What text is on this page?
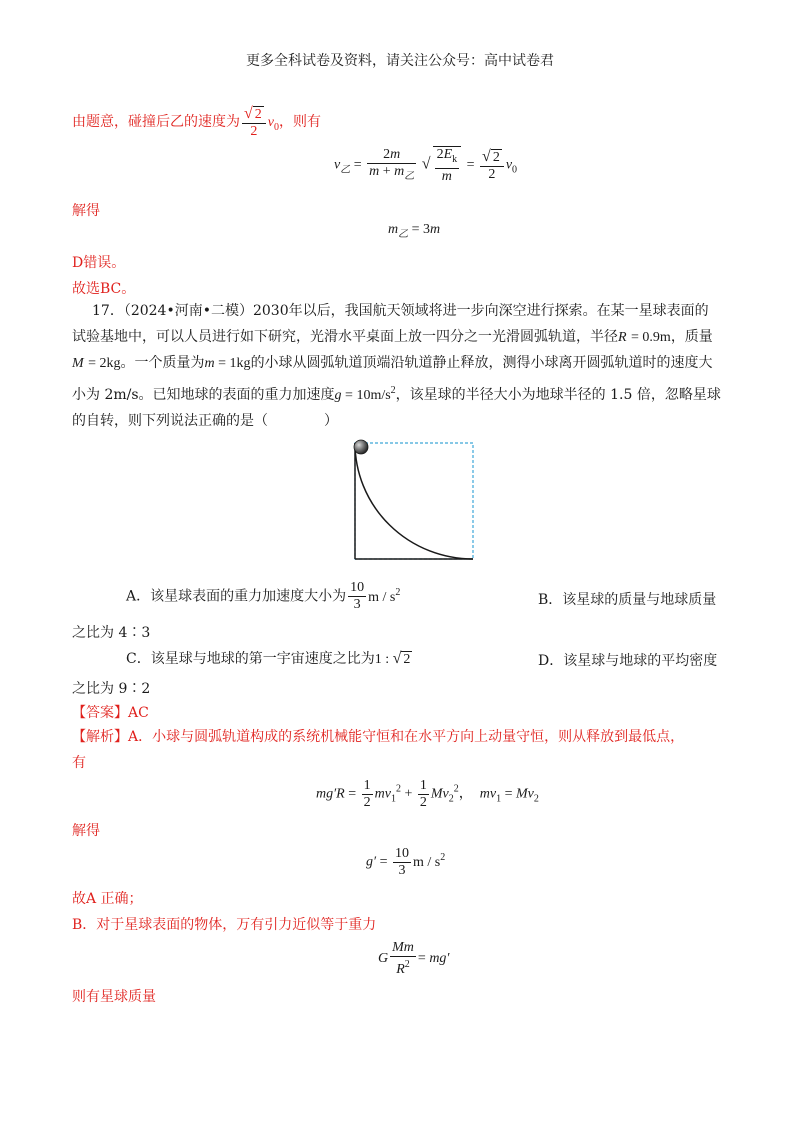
更多全科试卷及资料，请关注公众号：高中试卷君
由题意，碰撞后乙的速度为 $\frac{√ 2}{2} v_0$，则有
$v_乙 = \frac{2m}{m + m_乙}$ √ $\frac{2E_k}{m} = \frac{√ 2}{2} v_0$
解得
$m_乙 = 3m$
D错误。
故选BC。
17．（2024•河南•二模）2030年以后，我国航天领域将进一步向深空进行探索。在某一星球表面的
试验基地中，可以人员进行如下研究，光滑水平桌面上放一四分之一光滑圆弧轨道，半径R = 0.9m，质量
M = 2kg。一个质量为m = 1kg的小球从圆弧轨道顶端沿轨道静止释放，测得小球离开圆弧轨道时的速度大
小为 2m/s。已知地球的表面的重力加速度$g = 10m/s^2$，该星球的半径大小为地球半径的 1.5 倍，忽略星球
的自转，则下列说法正确的是（　　　　）
A．该星球表面的重力加速度大小为 $\frac{10}{3}$ m / $s^2$	B．该星球的质量与地球质量
之比为 4∶3
C．该星球与地球的第一宇宙速度之比为1 : √ 2	D．该星球与地球的平均密度
之比为 9∶2
【答案】AC
【解析】A．小球与圆弧轨道构成的系统机械能守恒和在水平方向上动量守恒，则从释放到最低点，
有
$mg'R = \frac{1}{2} mv_1^2 + \frac{1}{2} Mv_2^2$，  $mv_1 = Mv_2$
解得
$g' = \frac{10}{3}$ m / $s^2$
故A 正确；
B．对于星球表面的物体，万有引力近似等于重力
G $\frac{Mm}{R^2} = mg'$
则有星球质量
